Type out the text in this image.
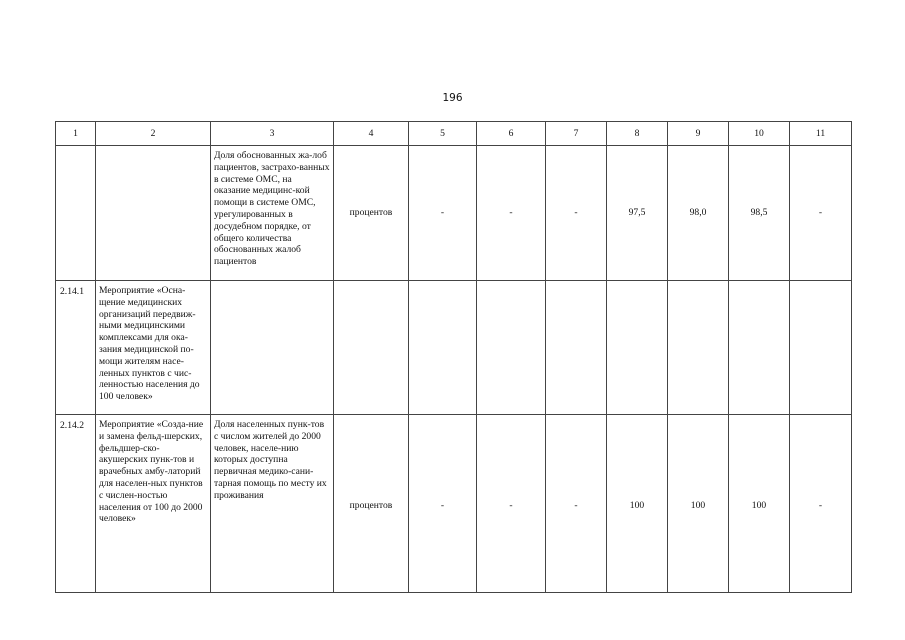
196
1	2	3	4	5	6	7	8	9	10	11

		Доля обоснованных жа-лоб пациентов, застрахо-ванных в системе ОМС, на оказание медицинс-кой помощи в системе ОМС, урегулированных в досудебном порядке, от общего количества обоснованных жалоб пациентов	процентов	-	-	-	97,5	98,0	98,5	-

2.14.1	Мероприятие «Осна-щение медицинских организаций передвиж-ными медицинскими комплексами для ока-зания медицинской по-мощи жителям насе-ленных пунктов с чис-ленностью населения до 100 человек»									

2.14.2	Мероприятие «Созда-ние и замена фельд-шерских, фельдшер-ско-акушерских пунк-тов и врачебных амбу-латорий для населен-ных пунктов с числен-ностью населения от 100 до 2000 человек»	Доля населенных пунк-тов с числом жителей до 2000 человек, населе-нию которых доступна первичная медико-сани-тарная помощь по месту их проживания	процентов	-	-	-	100	100	100	-
